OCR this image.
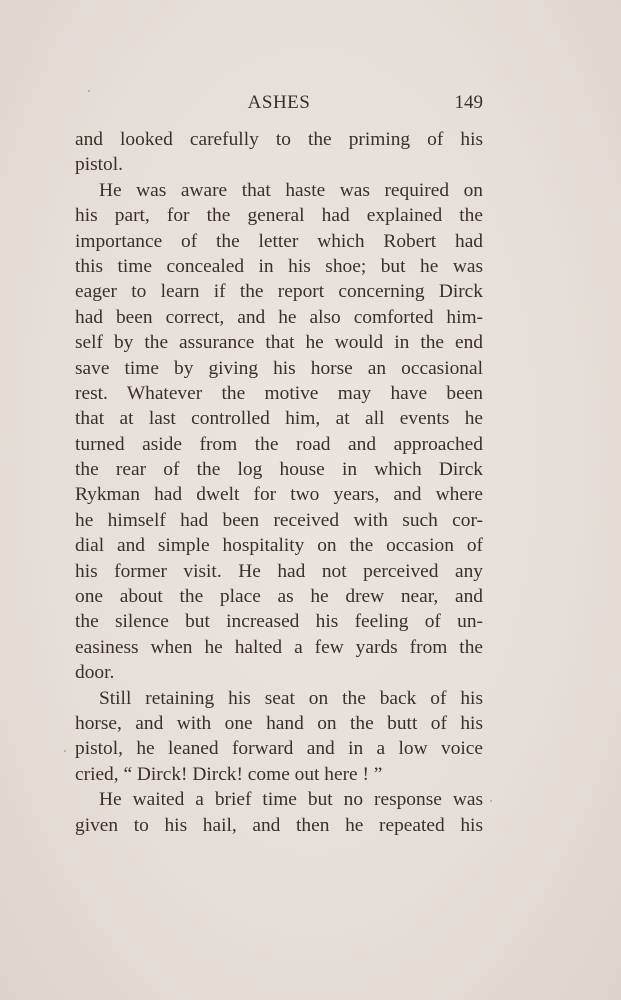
ASHES	149
and looked carefully to the priming of his
pistol.
He was aware that haste was required on
his part, for the general had explained the
importance of the letter which Robert had
this time concealed in his shoe; but he was
eager to learn if the report concerning Dirck
had been correct, and he also comforted him-
self by the assurance that he would in the end
save time by giving his horse an occasional
rest. Whatever the motive may have been
that at last controlled him, at all events he
turned aside from the road and approached
the rear of the log house in which Dirck
Rykman had dwelt for two years, and where
he himself had been received with such cor-
dial and simple hospitality on the occasion of
his former visit. He had not perceived any
one about the place as he drew near, and
the silence but increased his feeling of un-
easiness when he halted a few yards from the
door.
Still retaining his seat on the back of his
horse, and with one hand on the butt of his
pistol, he leaned forward and in a low voice
cried, “ Dirck! Dirck! come out here ! ”
He waited a brief time but no response was
given to his hail, and then he repeated his
